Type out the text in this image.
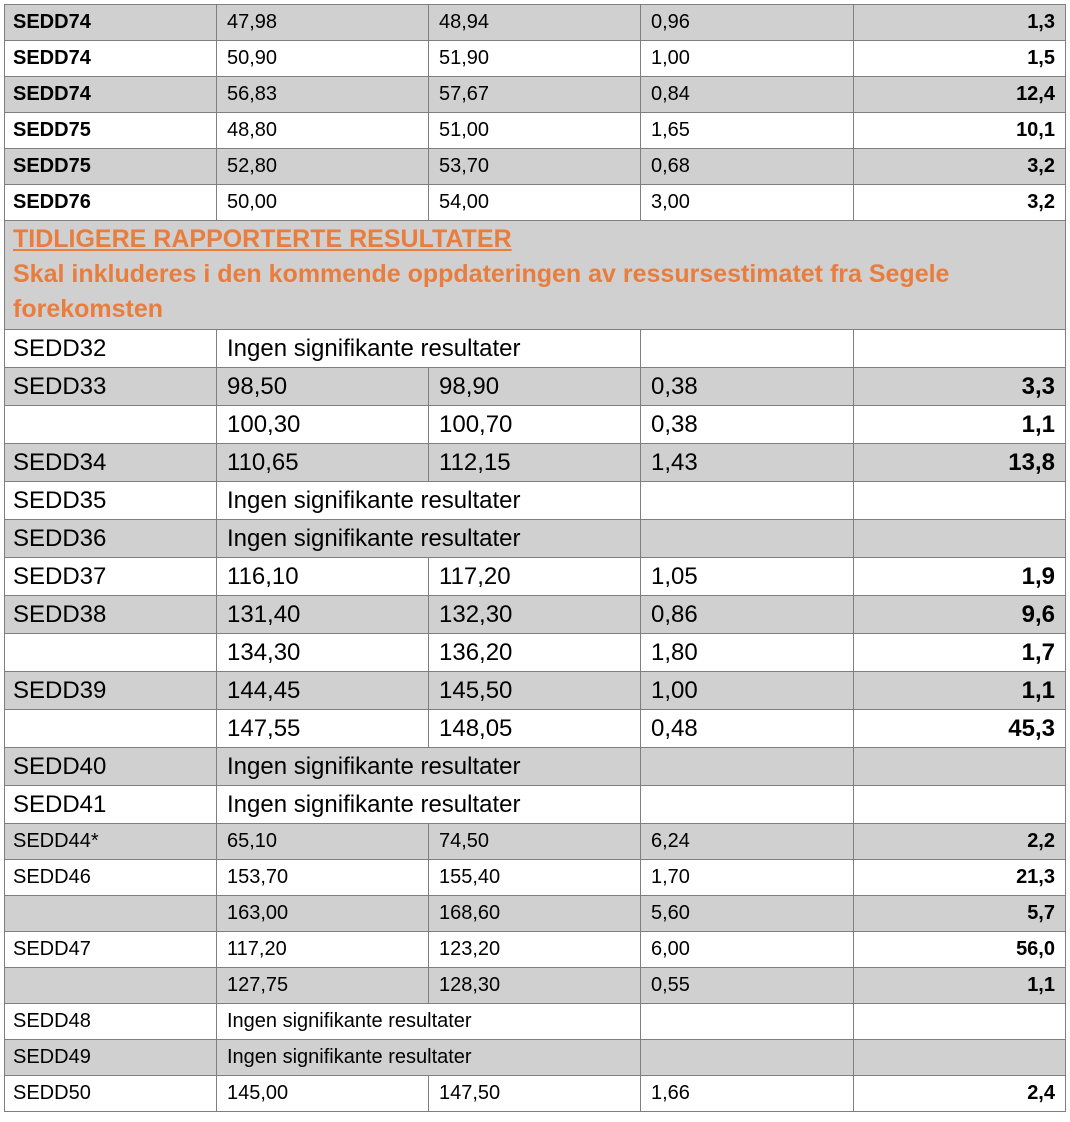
SEDD74	47,98	48,94	0,96	1,3
SEDD74	50,90	51,90	1,00	1,5
SEDD74	56,83	57,67	0,84	12,4
SEDD75	48,80	51,00	1,65	10,1
SEDD75	52,80	53,70	0,68	3,2
SEDD76	50,00	54,00	3,00	3,2

TIDLIGERE RAPPORTERTE RESULTATER
Skal inkluderes i den kommende oppdateringen av ressursestimatet fra Segele forekomsten				

SEDD32	Ingen signifikante resultater			
SEDD33	98,50	98,90	0,38	3,3
	100,30	100,70	0,38	1,1
SEDD34	110,65	112,15	1,43	13,8
SEDD35	Ingen signifikante resultater			
SEDD36	Ingen signifikante resultater			
SEDD37	116,10	117,20	1,05	1,9
SEDD38	131,40	132,30	0,86	9,6
	134,30	136,20	1,80	1,7
SEDD39	144,45	145,50	1,00	1,1
	147,55	148,05	0,48	45,3
SEDD40	Ingen signifikante resultater			
SEDD41	Ingen signifikante resultater			
SEDD44*	65,10	74,50	6,24	2,2
SEDD46	153,70	155,40	1,70	21,3
	163,00	168,60	5,60	5,7
SEDD47	117,20	123,20	6,00	56,0
	127,75	128,30	0,55	1,1
SEDD48	Ingen signifikante resultater			
SEDD49	Ingen signifikante resultater			
SEDD50	145,00	147,50	1,66	2,4
